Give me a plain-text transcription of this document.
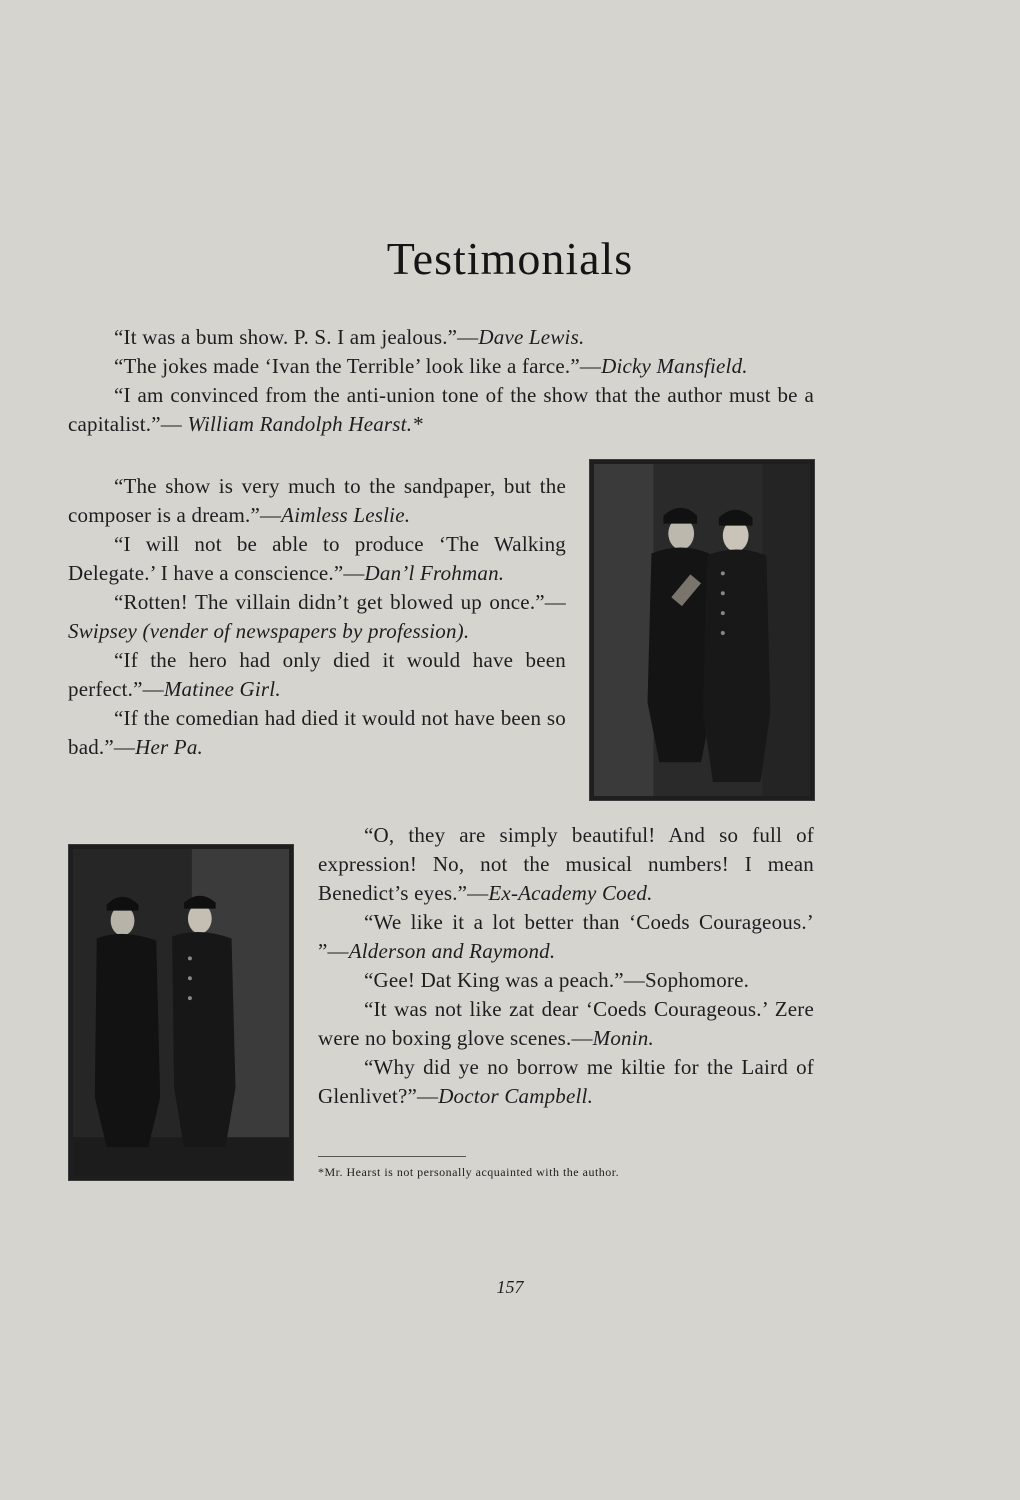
Testimonials

“It was a bum show. P. S. I am jealous.”—Dave Lewis.

“The jokes made ‘Ivan the Terrible’ look like a farce.”—Dicky Mansfield.

“I am convinced from the anti-union tone of the show that the author must be a capitalist.”— William Randolph Hearst.*

“The show is very much to the sandpaper, but the composer is a dream.”—Aimless Leslie.

“I will not be able to produce ‘The Walking Delegate.’ I have a conscience.”—Dan’l Frohman.

“Rotten! The villain didn’t get blowed up once.”—Swipsey (vender of newspapers by profession).

“If the hero had only died it would have been perfect.”—Matinee Girl.

“If the comedian had died it would not have been so bad.”—Her Pa.

“O, they are simply beautiful! And so full of expression! No, not the musical numbers! I mean Benedict’s eyes.”—Ex-Academy Coed.

“We like it a lot better than ‘Coeds Courageous.’ ”—Alderson and Raymond.

“Gee! Dat King was a peach.”—Sophomore.

“It was not like zat dear ‘Coeds Courageous.’ Zere were no boxing glove scenes.—Monin.

“Why did ye no borrow me kiltie for the Laird of Glenlivet?”—Doctor Campbell.

*Mr. Hearst is not personally acquainted with the author.
157
